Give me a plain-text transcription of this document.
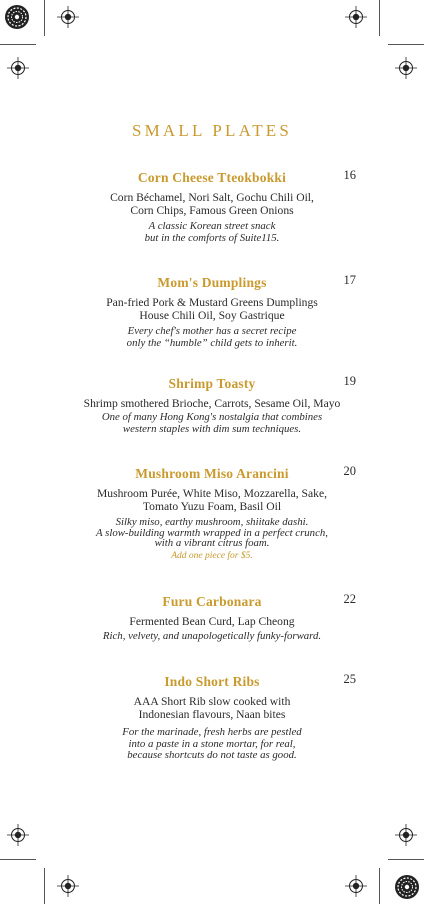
SMALL PLATES
Corn Cheese Tteokbokki	16
Corn Béchamel, Nori Salt, Gochu Chili Oil,
Corn Chips, Famous Green Onions
A classic Korean street snack
but in the comforts of Suite115.
Mom's Dumplings	17
Pan-fried Pork & Mustard Greens Dumplings
House Chili Oil, Soy Gastrique
Every chef's mother has a secret recipe
only the “humble” child gets to inherit.
Shrimp Toasty	19
Shrimp smothered Brioche, Carrots, Sesame Oil, Mayo
One of many Hong Kong's nostalgia that combines
western staples with dim sum techniques.
Mushroom Miso Arancini	20
Mushroom Purée, White Miso, Mozzarella, Sake,
Tomato Yuzu Foam, Basil Oil
Silky miso, earthy mushroom, shiitake dashi.
A slow-building warmth wrapped in a perfect crunch,
with a vibrant citrus foam.
Add one piece for $5.
Furu Carbonara	22
Fermented Bean Curd, Lap Cheong
Rich, velvety, and unapologetically funky-forward.
Indo Short Ribs	25
AAA Short Rib slow cooked with
Indonesian flavours, Naan bites
For the marinade, fresh herbs are pestled
into a paste in a stone mortar, for real,
because shortcuts do not taste as good.
